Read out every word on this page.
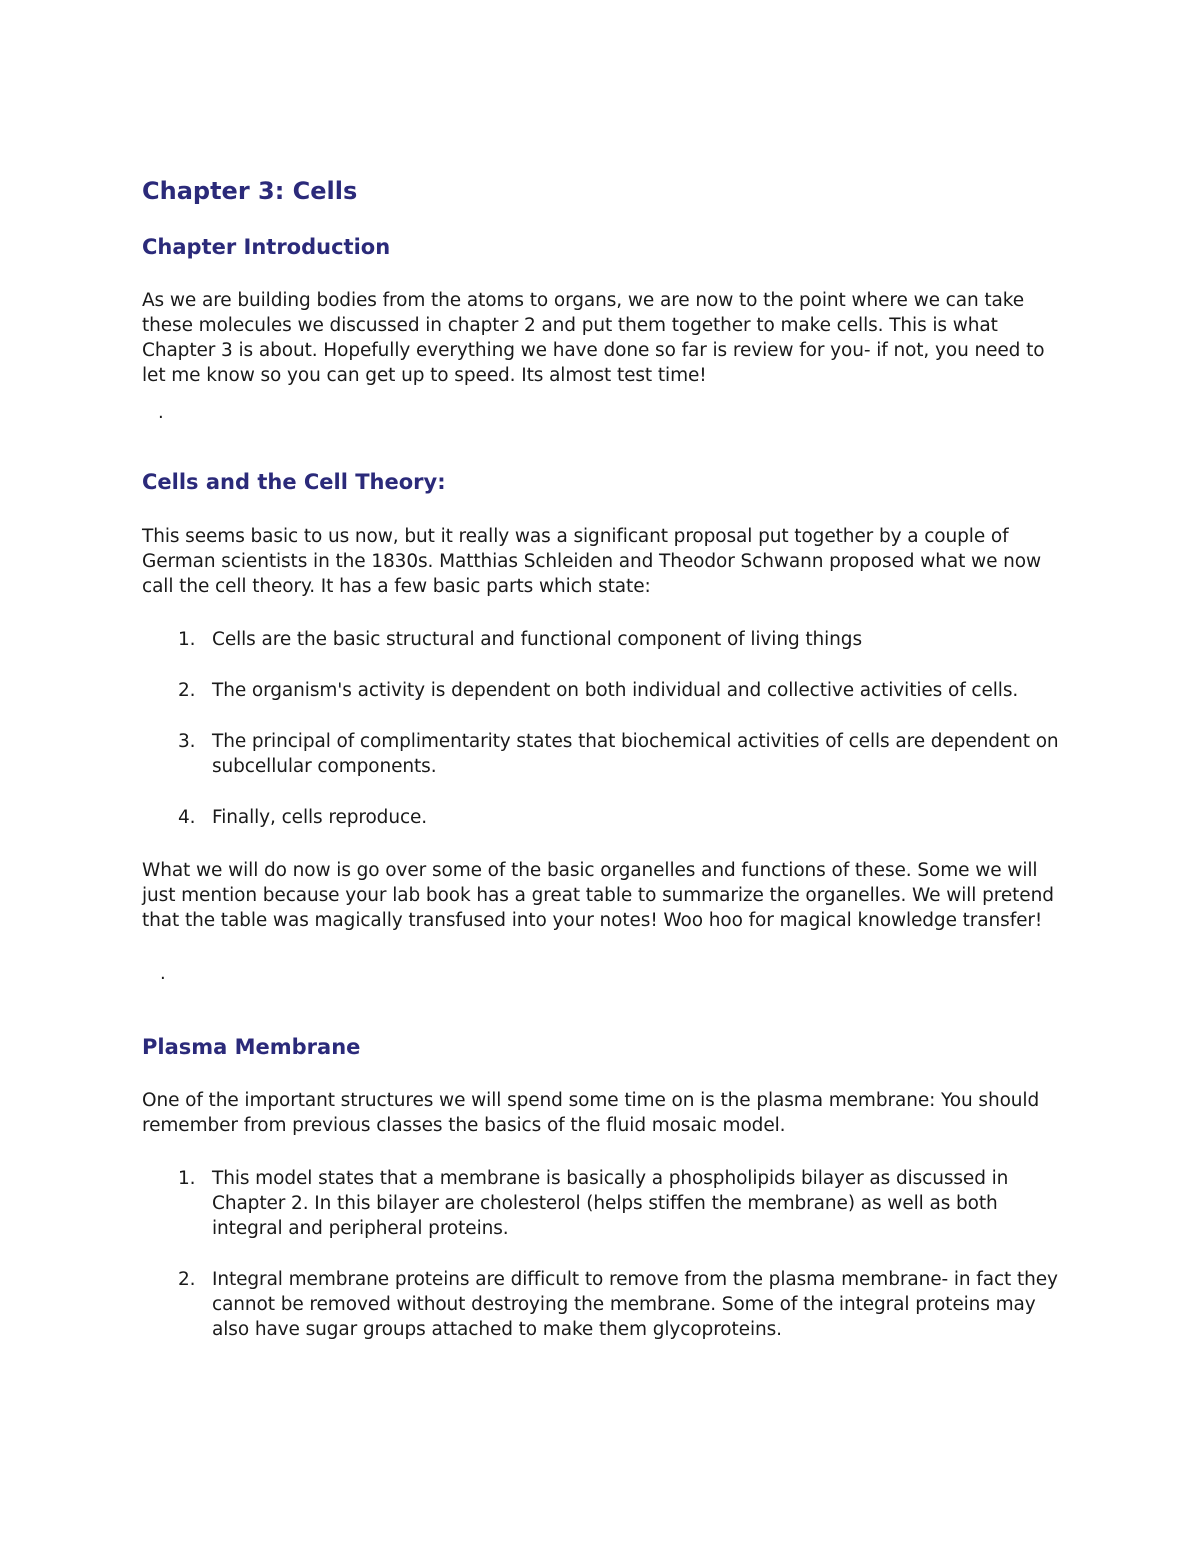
Chapter 3: Cells
Chapter Introduction

As we are building bodies from the atoms to organs, we are now to the point where we can take these molecules we discussed in chapter 2 and put them together to make cells. This is what Chapter 3 is about. Hopefully everything we have done so far is review for you- if not, you need to let me know so you can get up to speed. Its almost test time!

.
Cells and the Cell Theory:

This seems basic to us now, but it really was a significant proposal put together by a couple of German scientists in the 1830s. Matthias Schleiden and Theodor Schwann proposed what we now call the cell theory. It has a few basic parts which state:

1. Cells are the basic structural and functional component of living things
2. The organism's activity is dependent on both individual and collective activities of cells.
3. The principal of complimentarity states that biochemical activities of cells are dependent on subcellular components.
4. Finally, cells reproduce.

What we will do now is go over some of the basic organelles and functions of these. Some we will just mention because your lab book has a great table to summarize the organelles. We will pretend that the table was magically transfused into your notes! Woo hoo for magical knowledge transfer!

.
Plasma Membrane

One of the important structures we will spend some time on is the plasma membrane: You should remember from previous classes the basics of the fluid mosaic model.

1. This model states that a membrane is basically a phospholipids bilayer as discussed in Chapter 2. In this bilayer are cholesterol (helps stiffen the membrane) as well as both integral and peripheral proteins.
2. Integral membrane proteins are difficult to remove from the plasma membrane- in fact they cannot be removed without destroying the membrane. Some of the integral proteins may also have sugar groups attached to make them glycoproteins.
